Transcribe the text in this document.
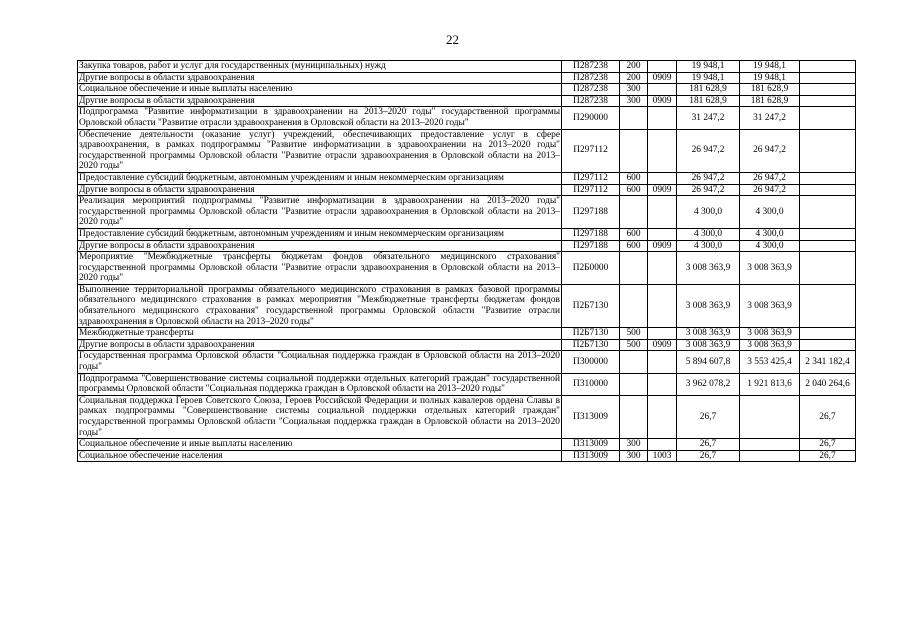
22
Закупка товаров, работ и услуг для государственных (муниципальных) нужд	П287238	200		19 948,1	19 948,1	
Другие вопросы в области здравоохранения	П287238	200	0909	19 948,1	19 948,1	
Социальное обеспечение и иные выплаты населению	П287238	300		181 628,9	181 628,9	
Другие вопросы в области здравоохранения	П287238	300	0909	181 628,9	181 628,9	
Подпрограмма "Развитие информатизации в здравоохранении на 2013–2020 годы" государственной программы Орловской области "Развитие отрасли здравоохранения в Орловской области на 2013–2020 годы"	П290000			31 247,2	31 247,2	
Обеспечение деятельности (оказание услуг) учреждений, обеспечивающих предоставление услуг в сфере здравоохранения, в рамках подпрограммы "Развитие информатизации в здравоохранении на 2013–2020 годы" государственной программы Орловской области "Развитие отрасли здравоохранения в Орловской области на 2013–2020 годы"	П297112			26 947,2	26 947,2	
Предоставление субсидий бюджетным, автономным учреждениям и иным некоммерческим организациям	П297112	600		26 947,2	26 947,2	
Другие вопросы в области здравоохранения	П297112	600	0909	26 947,2	26 947,2	
Реализация мероприятий подпрограммы "Развитие информатизации в здравоохранении на 2013–2020 годы" государственной программы Орловской области "Развитие отрасли здравоохранения в Орловской области на 2013–2020 годы"	П297188			4 300,0	4 300,0	
Предоставление субсидий бюджетным, автономным учреждениям и иным некоммерческим организациям	П297188	600		4 300,0	4 300,0	
Другие вопросы в области здравоохранения	П297188	600	0909	4 300,0	4 300,0	
Мероприятие "Межбюджетные трансферты бюджетам фондов обязательного медицинского страхования" государственной программы Орловской области "Развитие отрасли здравоохранения в Орловской области на 2013–2020 годы"	П2Б0000			3 008 363,9	3 008 363,9	
Выполнение территориальной программы обязательного медицинского страхования в рамках базовой программы обязательного медицинского страхования в рамках мероприятия "Межбюджетные трансферты бюджетам фондов обязательного медицинского страхования" государственной программы Орловской области "Развитие отрасли здравоохранения в Орловской области на 2013–2020 годы"	П2Б7130			3 008 363,9	3 008 363,9	
Межбюджетные трансферты	П2Б7130	500		3 008 363,9	3 008 363,9	
Другие вопросы в области здравоохранения	П2Б7130	500	0909	3 008 363,9	3 008 363,9	
Государственная программа Орловской области "Социальная поддержка граждан в Орловской области на 2013–2020 годы"	П300000			5 894 607,8	3 553 425,4	2 341 182,4
Подпрограмма "Совершенствование системы социальной поддержки отдельных категорий граждан" государственной программы Орловской области "Социальная поддержка граждан в Орловской области на 2013–2020 годы"	П310000			3 962 078,2	1 921 813,6	2 040 264,6
Социальная поддержка Героев Советского Союза, Героев Российской Федерации и полных кавалеров ордена Славы в рамках подпрограммы "Совершенствование системы социальной поддержки отдельных категорий граждан" государственной программы Орловской области "Социальная поддержка граждан в Орловской области на 2013–2020 годы"	П313009			26,7		26,7
Социальное обеспечение и иные выплаты населению	П313009	300		26,7		26,7
Социальное обеспечение населения	П313009	300	1003	26,7		26,7
